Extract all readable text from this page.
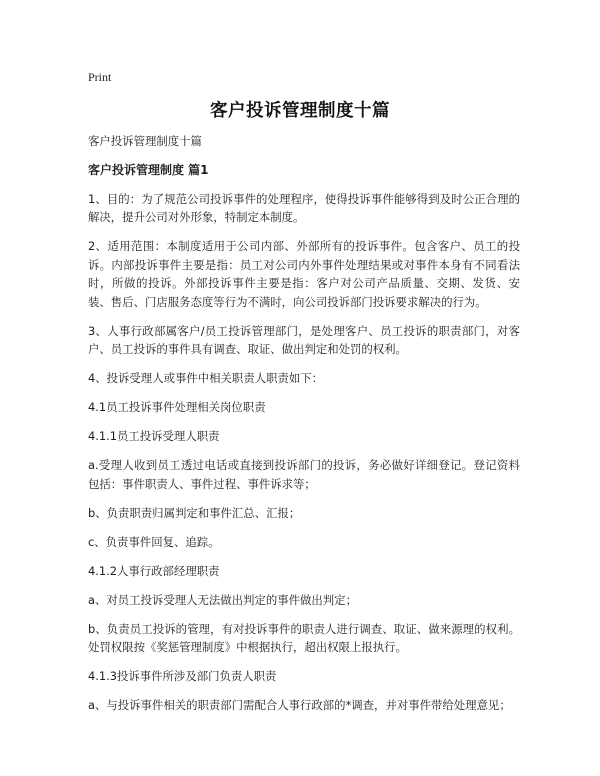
Print
客户投诉管理制度十篇

客户投诉管理制度十篇

客户投诉管理制度 篇1

1、目的：为了规范公司投诉事件的处理程序，使得投诉事件能够得到及时公正合理的解决，提升公司对外形象，特制定本制度。

2、适用范围：本制度适用于公司内部、外部所有的投诉事件。包含客户、员工的投诉。内部投诉事件主要是指：员工对公司内外事件处理结果或对事件本身有不同看法时，所做的投诉。外部投诉事件主要是指：客户对公司产品质量、交期、发货、安装、售后、门店服务态度等行为不满时，向公司投诉部门投诉要求解决的行为。

3、人事行政部属客户/员工投诉管理部门，是处理客户、员工投诉的职责部门，对客户、员工投诉的事件具有调查、取证、做出判定和处罚的权利。

4、投诉受理人或事件中相关职责人职责如下：

4.1员工投诉事件处理相关岗位职责

4.1.1员工投诉受理人职责

a.受理人收到员工透过电话或直接到投诉部门的投诉，务必做好详细登记。登记资料包括：事件职责人、事件过程、事件诉求等；

b、负责职责归属判定和事件汇总、汇报；

c、负责事件回复、追踪。

4.1.2人事行政部经理职责

a、对员工投诉受理人无法做出判定的事件做出判定；

b、负责员工投诉的管理，有对投诉事件的职责人进行调查、取证、做来源理的权利。处罚权限按《奖惩管理制度》中根据执行，超出权限上报执行。

4.1.3投诉事件所涉及部门负责人职责

a、与投诉事件相关的职责部门需配合人事行政部的*调查，并对事件带给处理意见；
